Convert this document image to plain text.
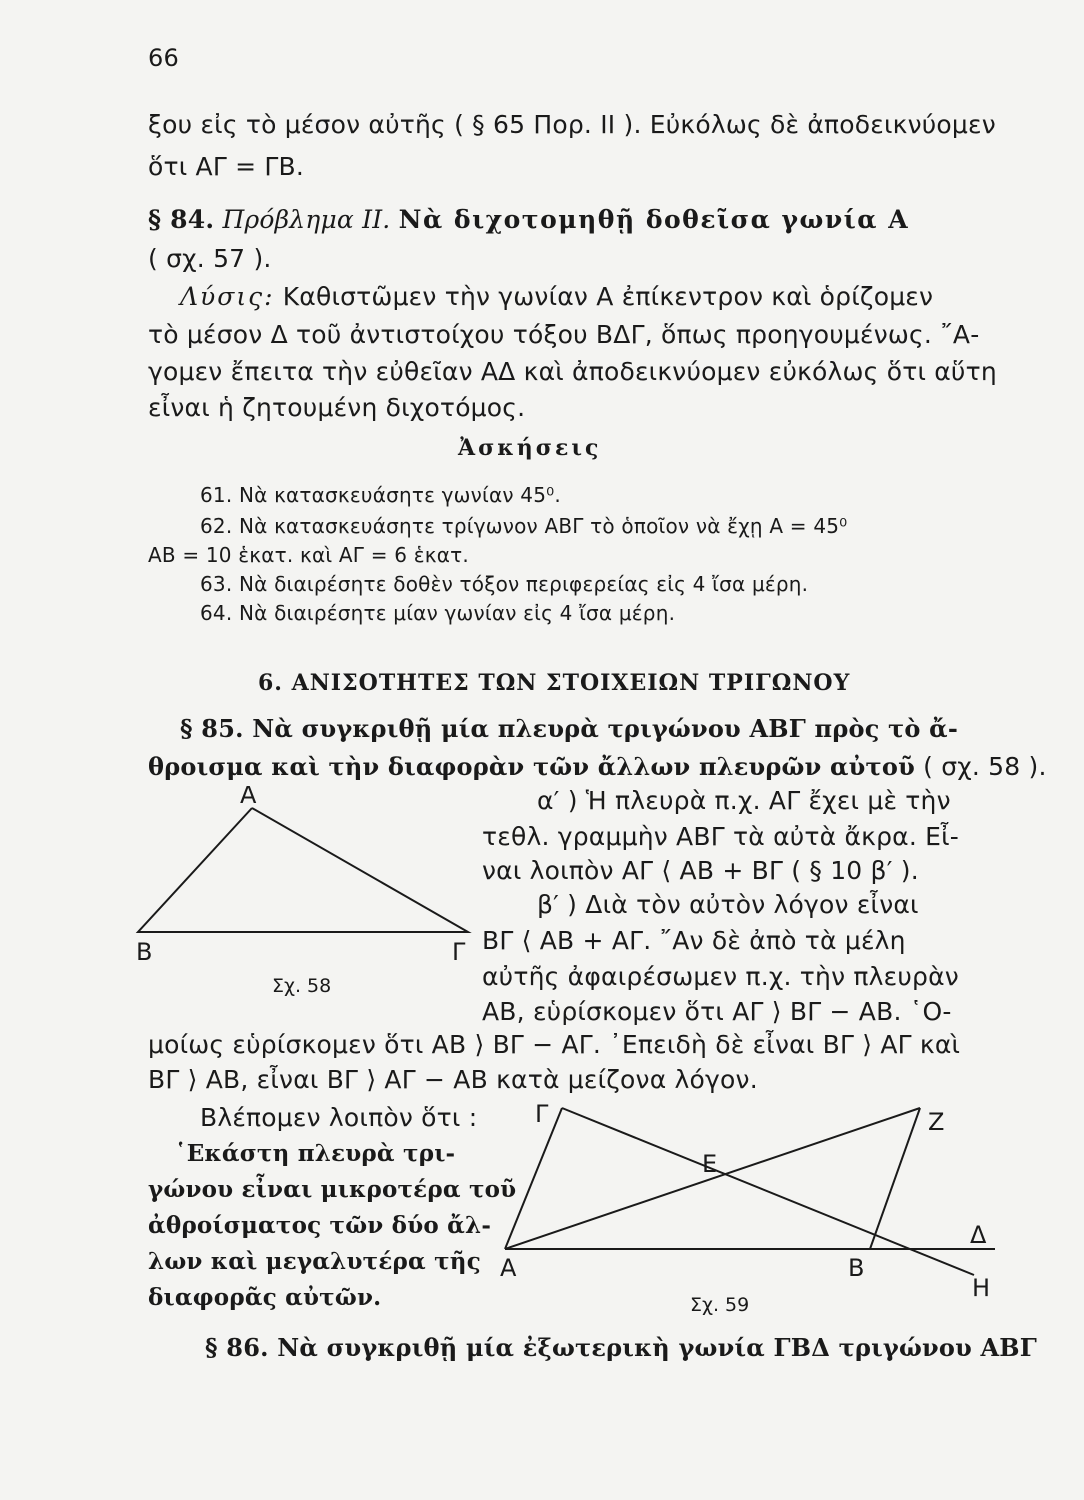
66
ξου εἰς τὸ μέσον αὐτῆς ( § 65 Πορ. ΙΙ ). Εὐκόλως δὲ ἀποδεικνύομεν
ὅτι ΑΓ = ΓΒ.
§ 84. Πρόβλημα ΙΙ. Νὰ διχοτομηθῇ δοθεῖσα γωνία Α
( σχ. 57 ).
Λύσις: Καθιστῶμεν τὴν γωνίαν Α ἐπίκεντρον καὶ ὁρίζομεν
τὸ μέσον Δ τοῦ ἀντιστοίχου τόξου ΒΔΓ, ὅπως προηγουμένως. ῎Α-
γομεν ἔπειτα τὴν εὐθεῖαν ΑΔ καὶ ἀποδεικνύομεν εὐκόλως ὅτι αὕτη
εἶναι ἡ ζητουμένη διχοτόμος.
Ἀσκήσεις
61. Νὰ κατασκευάσητε γωνίαν 45⁰.
62. Νὰ κατασκευάσητε τρίγωνον ΑΒΓ τὸ ὁποῖον νὰ ἔχῃ Α = 45⁰
ΑΒ = 10 ἑκατ. καὶ ΑΓ = 6 ἑκατ.
63. Νὰ διαιρέσητε δοθὲν τόξον περιφερείας εἰς 4 ἴσα μέρη.
64. Νὰ διαιρέσητε μίαν γωνίαν εἰς 4 ἴσα μέρη.
6. ΑΝΙΣΟΤΗΤΕΣ ΤΩΝ ΣΤΟΙΧΕΙΩΝ ΤΡΙΓΩΝΟΥ
§ 85. Νὰ συγκριθῇ μία πλευρὰ τριγώνου ΑΒΓ πρὸς τὸ ἄ-
θροισμα καὶ τὴν διαφορὰν τῶν ἄλλων πλευρῶν αὐτοῦ ( σχ. 58 ).
Α
Β	Γ
Σχ. 58
α′ ) Ἡ πλευρὰ π.χ. ΑΓ ἔχει μὲ τὴν
τεθλ. γραμμὴν ΑΒΓ τὰ αὐτὰ ἄκρα. Εἶ-
ναι λοιπὸν ΑΓ ⟨ ΑΒ + ΒΓ ( § 10 β′ ).
β′ ) Διὰ τὸν αὐτὸν λόγον εἶναι
ΒΓ ⟨ ΑΒ + ΑΓ. ῎Αν δὲ ἀπὸ τὰ μέλη
αὐτῆς ἀφαιρέσωμεν π.χ. τὴν πλευρὰν
ΑΒ, εὑρίσκομεν ὅτι ΑΓ ⟩ ΒΓ − ΑΒ. ῾Ο-
μοίως εὑρίσκομεν ὅτι ΑΒ ⟩ ΒΓ − ΑΓ. ᾿Επειδὴ δὲ εἶναι ΒΓ ⟩ ΑΓ καὶ
ΒΓ ⟩ ΑΒ, εἶναι ΒΓ ⟩ ΑΓ − ΑΒ κατὰ μείζονα λόγον.
Βλέπομεν λοιπὸν ὅτι :
῾Εκάστη πλευρὰ τρι-
γώνου εἶναι μικροτέρα τοῦ
ἀθροίσματος τῶν δύο ἄλ-
λων καὶ μεγαλυτέρα τῆς
διαφορᾶς αὐτῶν.
Γ	Ζ
Ε
Δ
Α	Β
Η
Σχ. 59
§ 86. Νὰ συγκριθῇ μία ἐξωτερικὴ γωνία ΓΒΔ τριγώνου ΑΒΓ
